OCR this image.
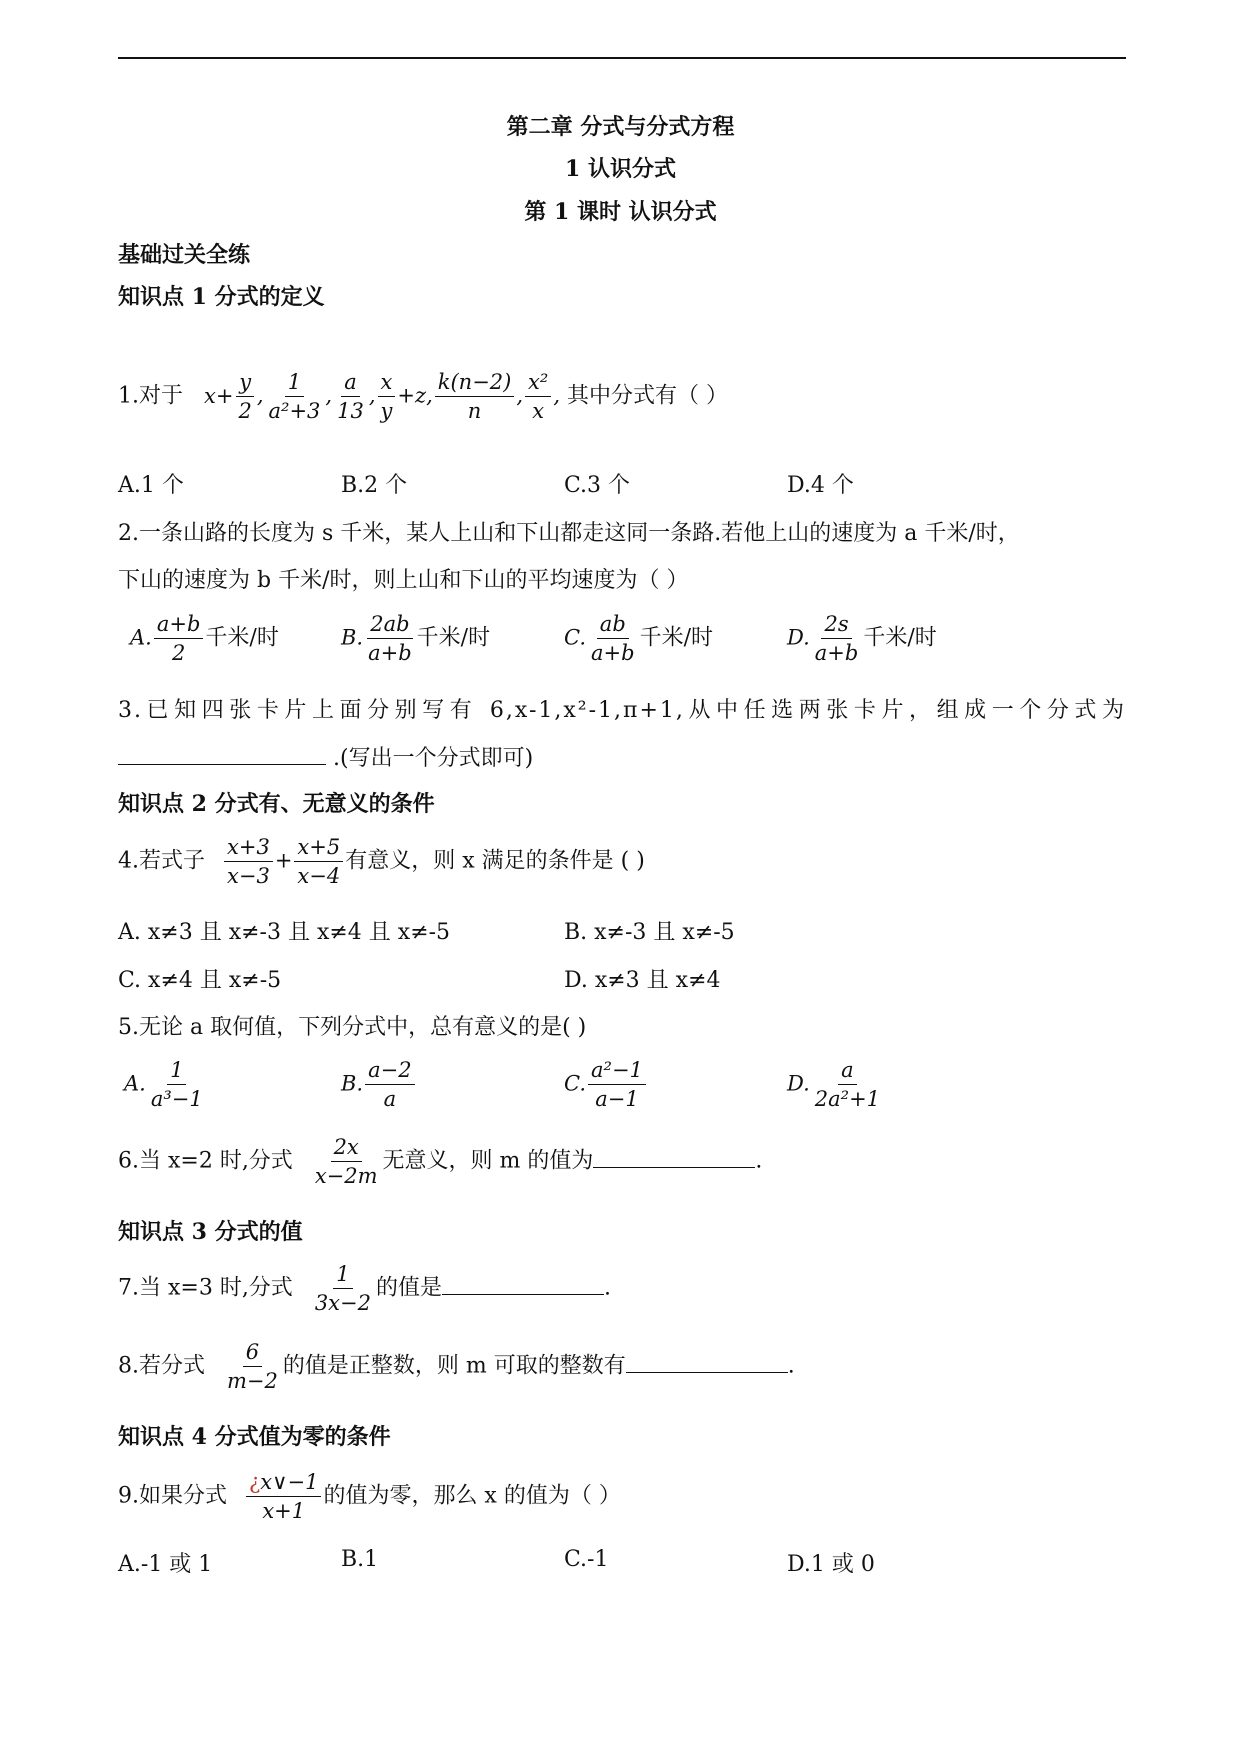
第二章 分式与分式方程
1 认识分式
第 1 课时 认识分式
基础过关全练
知识点 1 分式的定义
1.对于 $x+ \frac{y}{2}$ , $\frac{1}{\text{a²+3}}$ , $\frac{a}{13}$ , $\frac{x}{y} +z$, $\frac{k(n-2)}{n}$ , $\frac{\text{x²}}{x}$ , 其中分式有（ ）
A.1 个	B.2 个	C.3 个	D.4 个
2.一条山路的长度为 s 千米，某人上山和下山都走这同一条路.若他上山的速度为 a 千米/时，
下山的速度为 b 千米/时，则上山和下山的平均速度为（ ）
A. $\frac{a+b}{2}$ 千米/时	B. $\frac{2ab}{a+b}$ 千米/时	C. $\frac{ab}{a+b}$ 千米/时	D. $\frac{2s}{a+b}$ 千米/时
3.已知四张卡片上面分别写有 6,x-1,x²-1,π+1,从中任选两张卡片，组成一个分式为
.(写出一个分式即可)
知识点 2 分式有、无意义的条件
4.若式子 $\frac{x+3}{x-3} + \frac{x+5}{x-4}$ 有意义，则 x 满足的条件是 ( )
A. x≠3 且 x≠-3 且 x≠4 且 x≠-5	B. x≠-3 且 x≠-5
C. x≠4 且 x≠-5	D. x≠3 且 x≠4
5.无论 a 取何值，下列分式中，总有意义的是( )
A. $\frac{1}{\text{a³−1}}$	B. $\frac{a-2}{a}$	C. $\frac{\text{a²−1}}{a-1}$	D. $\frac{a}{\text{2a²+1}}$
6.当 x=2 时,分式 $\frac{2x}{x-2m}$ 无意义，则 m 的值为	.
知识点 3 分式的值
7.当 x=3 时,分式 $\frac{1}{3x-2}$ 的值是	.
8.若分式 $\frac{6}{m-2}$ 的值是正整数，则 m 可取的整数有	.
知识点 4 分式值为零的条件
9.如果分式 $\frac{¿x\vee-1}{x+1}$ 的值为零，那么 x 的值为（ ）
A.-1 或 1	B.1	C.-1	D.1 或 0
